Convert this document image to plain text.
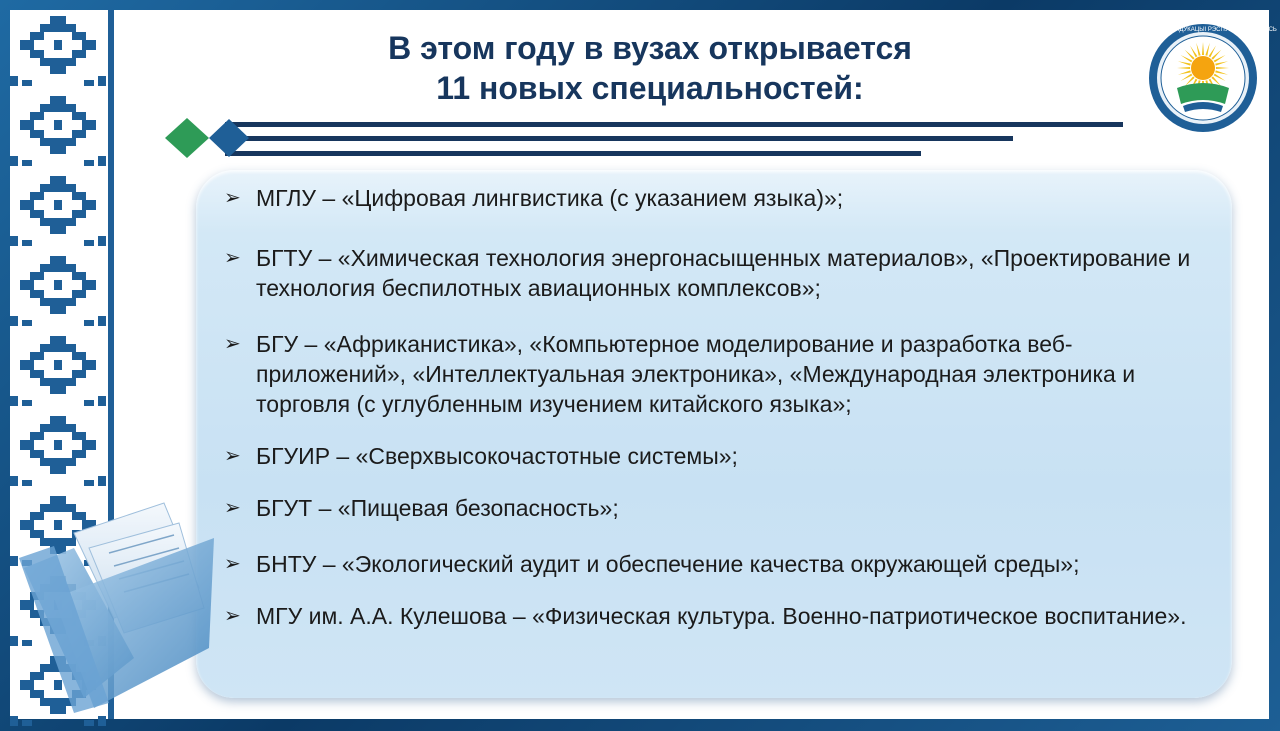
В этом году в вузах открывается
11 новых специальностей:
МІНІСТЭРСТВА АДУКАЦЫІ РЭСПУБЛІКІ БЕЛАРУСЬ
➢ МГЛУ – «Цифровая лингвистика (с указанием языка)»;
➢ БГТУ – «Химическая технология энергонасыщенных материалов», «Проектирование и технология беспилотных авиационных комплексов»;
➢ БГУ – «Африканистика», «Компьютерное моделирование и разработка веб-приложений», «Интеллектуальная электроника», «Международная электроника и торговля (с углубленным изучением китайского языка»;
➢ БГУИР – «Сверхвысокочастотные системы»;
➢ БГУТ – «Пищевая безопасность»;
➢ БНТУ – «Экологический аудит и обеспечение качества окружающей среды»;
➢ МГУ им. А.А. Кулешова – «Физическая культура. Военно-патриотическое воспитание».
